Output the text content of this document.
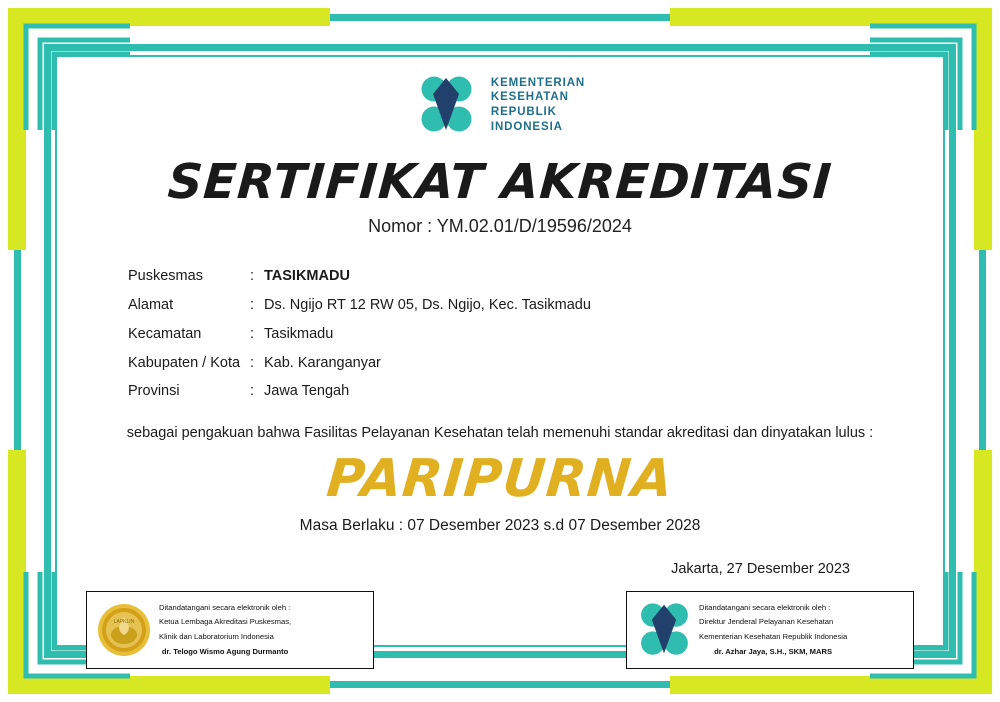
KEMENTERIAN
KESEHATAN
REPUBLIK
INDONESIA
SERTIFIKAT AKREDITASI
Nomor : YM.02.01/D/19596/2024
Puskesmas	: TASIKMADU
Alamat	: Ds. Ngijo RT 12 RW 05, Ds. Ngijo, Kec. Tasikmadu
Kecamatan	: Tasikmadu
Kabupaten / Kota : Kab. Karanganyar
Provinsi	: Jawa Tengah
sebagai pengakuan bahwa Fasilitas Pelayanan Kesehatan telah memenuhi standar akreditasi dan dinyatakan lulus :
PARIPURNA
Masa Berlaku : 07 Desember 2023 s.d 07 Desember 2028
Jakarta, 27 Desember 2023
LAPKLIN
Ditandatangani secara elektronik oleh :
Ketua Lembaga Akreditasi Puskesmas,
Klinik dan Laboratorium Indonesia
dr. Telogo Wismo Agung Durmanto
Ditandatangani secara elektronik oleh :
Direktur Jenderal Pelayanan Kesehatan
Kementerian Kesehatan Republik Indonesia
dr. Azhar Jaya, S.H., SKM, MARS
